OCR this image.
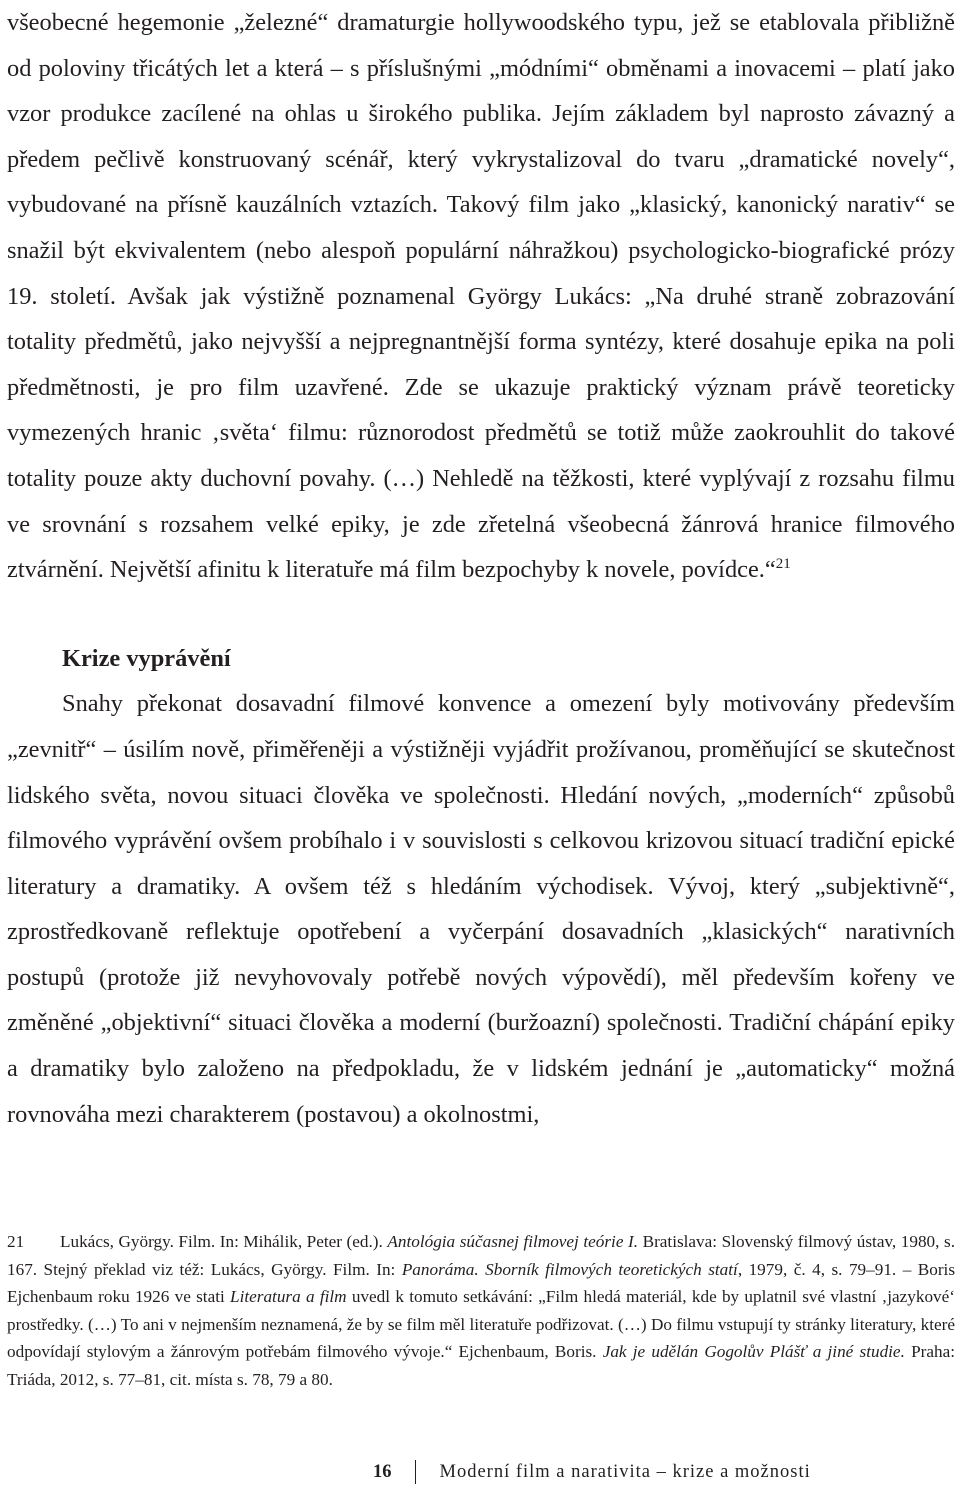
všeobecné hegemonie „železné“ dramaturgie hollywoodského typu, jež se etablovala přibližně od poloviny třicátých let a která – s příslušnými „módními“ obměnami a inovacemi – platí jako vzor produkce zacílené na ohlas u širokého publika. Jejím základem byl naprosto závazný a předem pečlivě konstruovaný scénář, který vykrystalizoval do tvaru „dramatické novely“, vybudované na přísně kauzálních vztazích. Takový film jako „klasický, kanonický narativ“ se snažil být ekvivalentem (nebo alespoň populární náhražkou) psychologicko-biografické prózy 19. století. Avšak jak výstižně poznamenal György Lukács: „Na druhé straně zobrazování totality předmětů, jako nejvyšší a nejpregnantnější forma syntézy, které dosahuje epika na poli předmětnosti, je pro film uzavřené. Zde se ukazuje praktický význam právě teoreticky vymezených hranic ‚světa‘ filmu: různorodost předmětů se totiž může zaokrouhlit do takové totality pouze akty duchovní povahy. (…) Nehledě na těžkosti, které vyplývají z rozsahu filmu ve srovnání s rozsahem velké epiky, je zde zřetelná všeobecná žánrová hranice filmového ztvárnění. Největší afinitu k literatuře má film bezpochyby k novele, povídce.“$^{21}$

Krize vyprávění

Snahy překonat dosavadní filmové konvence a omezení byly motivovány především „zevnitř“ – úsilím nově, přiměřeněji a výstižněji vyjádřit prožívanou, proměňující se skutečnost lidského světa, novou situaci člověka ve společnosti. Hledání nových, „moderních“ způsobů filmového vyprávění ovšem probíhalo i v souvislosti s celkovou krizovou situací tradiční epické literatury a dramatiky. A ovšem též s hledáním východisek. Vývoj, který „subjektivně“, zprostředkovaně reflektuje opotřebení a vyčerpání dosavadních „klasických“ narativních postupů (protože již nevyhovovaly potřebě nových výpovědí), měl především kořeny ve změněné „objektivní“ situaci člověka a moderní (buržoazní) společnosti. Tradiční chápání epiky a dramatiky bylo založeno na předpokladu, že v lidském jednání je „automaticky“ možná rovnováha mezi charakterem (postavou) a okolnostmi,

21 Lukács, György. Film. In: Mihálik, Peter (ed.). Antológia súčasnej filmovej teórie I. Bratislava: Slovenský filmový ústav, 1980, s. 167. Stejný překlad viz též: Lukács, György. Film. In: Panoráma. Sborník filmových teoretických statí, 1979, č. 4, s. 79–91. – Boris Ejchenbaum roku 1926 ve stati Literatura a film uvedl k tomuto setkávání: „Film hledá materiál, kde by uplatnil své vlastní ‚jazykové‘ prostředky. (…) To ani v nejmenším neznamená, že by se film měl literatuře podřizovat. (…) Do filmu vstupují ty stránky literatury, které odpovídají stylovým a žánrovým potřebám filmového vývoje.“ Ejchenbaum, Boris. Jak je udělán Gogolův Plášť a jiné studie. Praha: Triáda, 2012, s. 77–81, cit. místa s. 78, 79 a 80.

16	Moderní film a narativita – krize a možnosti
